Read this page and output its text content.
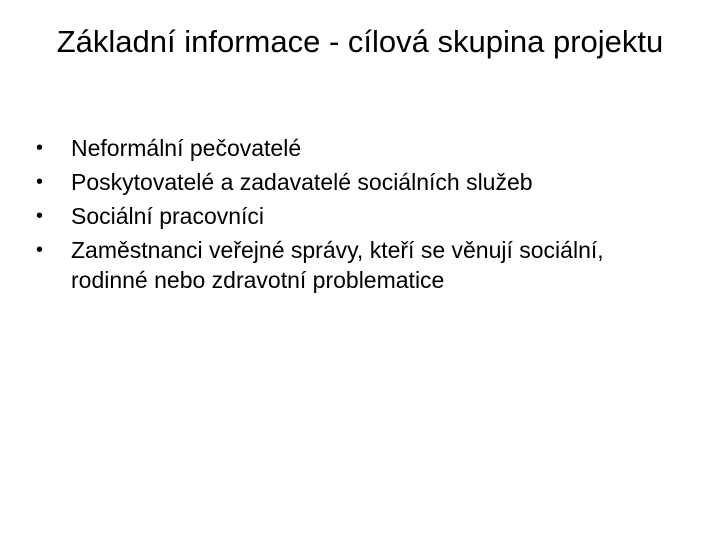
Základní informace - cílová skupina projektu
•	Neformální pečovatelé
•	Poskytovatelé a zadavatelé sociálních služeb
•	Sociální pracovníci
•	Zaměstnanci veřejné správy, kteří se věnují sociální, rodinné nebo zdravotní problematice
